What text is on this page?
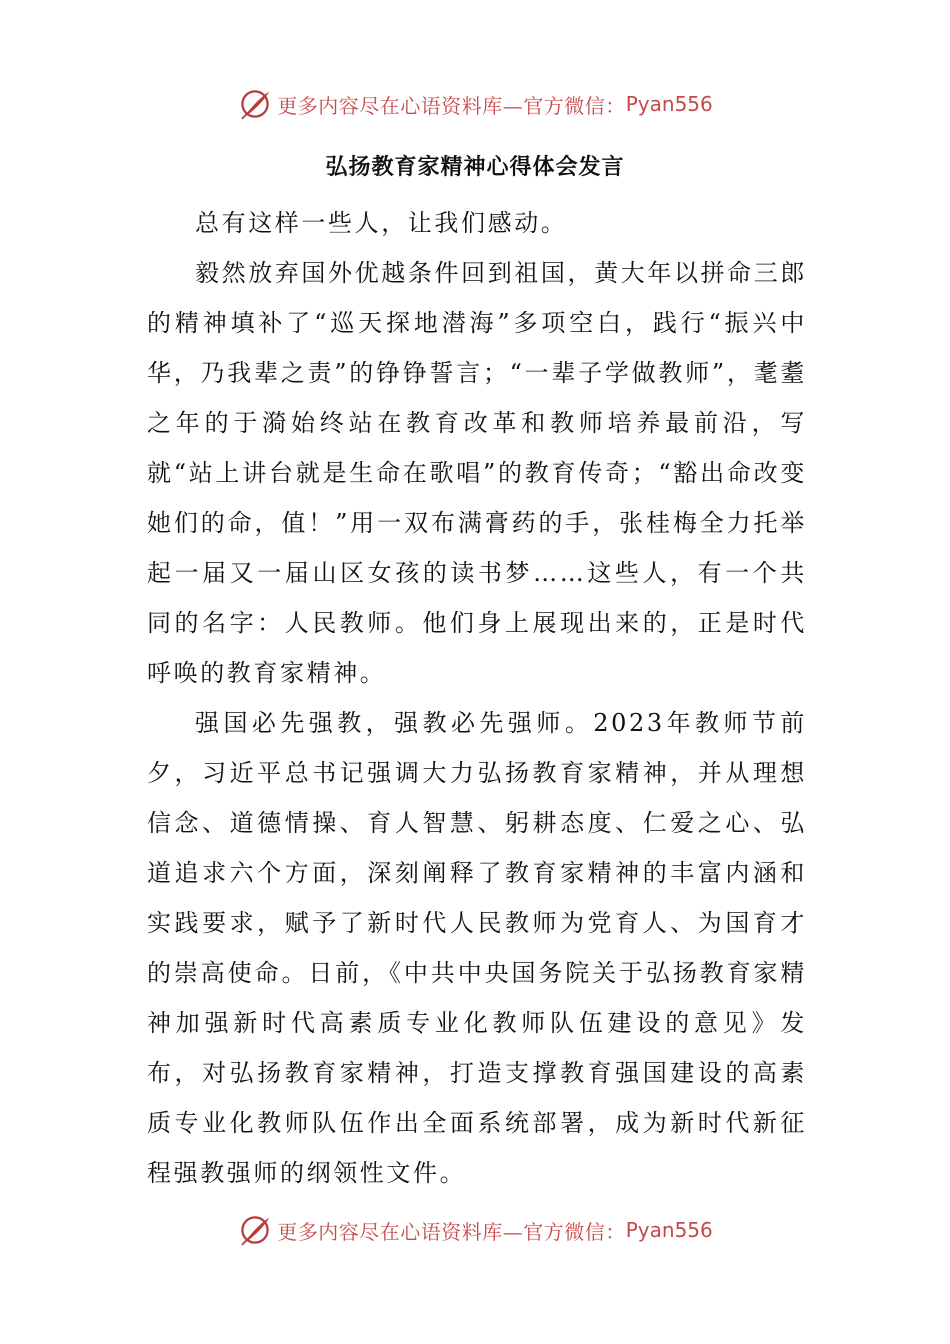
更多内容尽在心语资料库—官方微信： Pyan556
弘扬教育家精神心得体会发言

总有这样一些人，让我们感动。

毅然放弃国外优越条件回到祖国，黄大年以拼命三郎的精神填补了“巡天探地潜海”多项空白，践行“振兴中华，乃我辈之责”的铮铮誓言；“一辈子学做教师”，耄耋之年的于漪始终站在教育改革和教师培养最前沿，写就“站上讲台就是生命在歌唱”的教育传奇；“豁出命改变她们的命，值！”用一双布满膏药的手，张桂梅全力托举起一届又一届山区女孩的读书梦……这些人，有一个共同的名字：人民教师。他们身上展现出来的，正是时代呼唤的教育家精神。

强国必先强教，强教必先强师。2023年教师节前夕，习近平总书记强调大力弘扬教育家精神，并从理想信念、道德情操、育人智慧、躬耕态度、仁爱之心、弘道追求六个方面，深刻阐释了教育家精神的丰富内涵和实践要求，赋予了新时代人民教师为党育人、为国育才的崇高使命。日前，《中共中央国务院关于弘扬教育家精神加强新时代高素质专业化教师队伍建设的意见》发布，对弘扬教育家精神，打造支撑教育强国建设的高素质专业化教师队伍作出全面系统部署，成为新时代新征程强教强师的纲领性文件。

更多内容尽在心语资料库—官方微信： Pyan556
